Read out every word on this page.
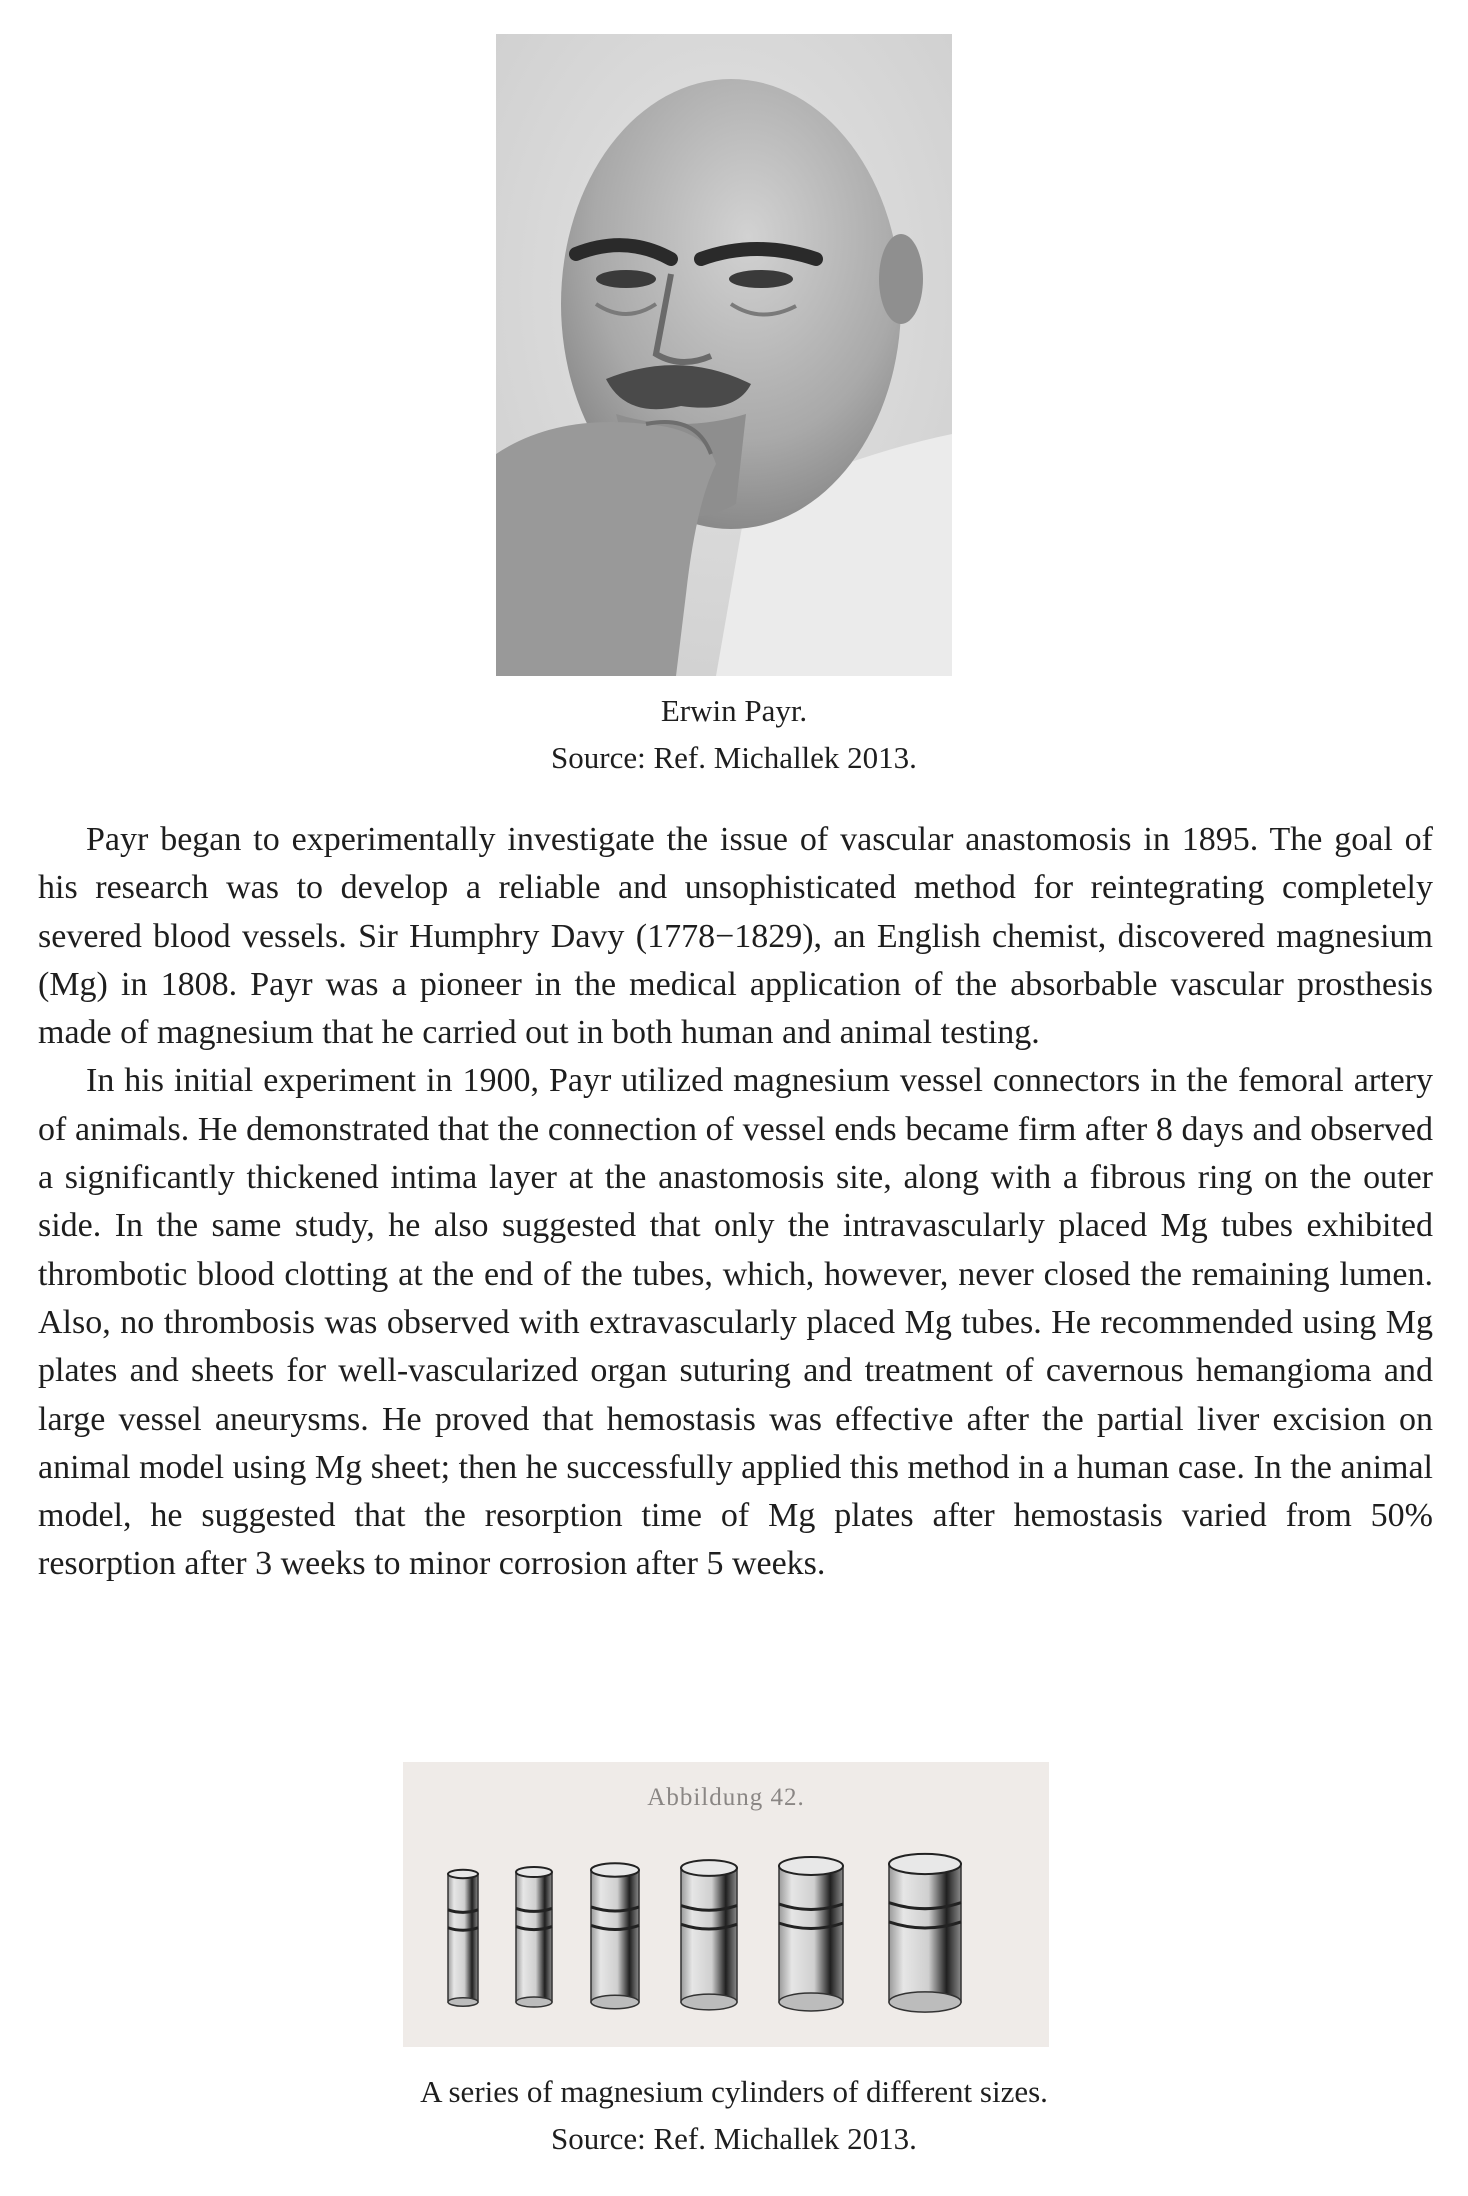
Erwin Payr.
Source: Ref. Michallek 2013.

Payr began to experimentally investigate the issue of vascular anastomosis in 1895. The goal of his research was to develop a reliable and unsophisticated method for reintegrating completely severed blood vessels. Sir Humphry Davy (1778−1829), an English chemist, discovered magnesium (Mg) in 1808. Payr was a pioneer in the medical application of the absorbable vascular prosthesis made of magnesium that he carried out in both human and animal testing.

In his initial experiment in 1900, Payr utilized magnesium vessel connectors in the femoral artery of animals. He demonstrated that the connection of vessel ends became firm after 8 days and observed a significantly thickened intima layer at the anastomosis site, along with a fibrous ring on the outer side. In the same study, he also suggested that only the intravascularly placed Mg tubes exhibited thrombotic blood clotting at the end of the tubes, which, however, never closed the remaining lumen. Also, no thrombosis was observed with extravascularly placed Mg tubes. He recommended using Mg plates and sheets for well-vascularized organ suturing and treatment of cavernous hemangioma and large vessel aneurysms. He proved that hemostasis was effective after the partial liver excision on animal model using Mg sheet; then he successfully applied this method in a human case. In the animal model, he suggested that the resorption time of Mg plates after hemostasis varied from 50% resorption after 3 weeks to minor corrosion after 5 weeks.

Abbildung 42.
A series of magnesium cylinders of different sizes.
Source: Ref. Michallek 2013.
